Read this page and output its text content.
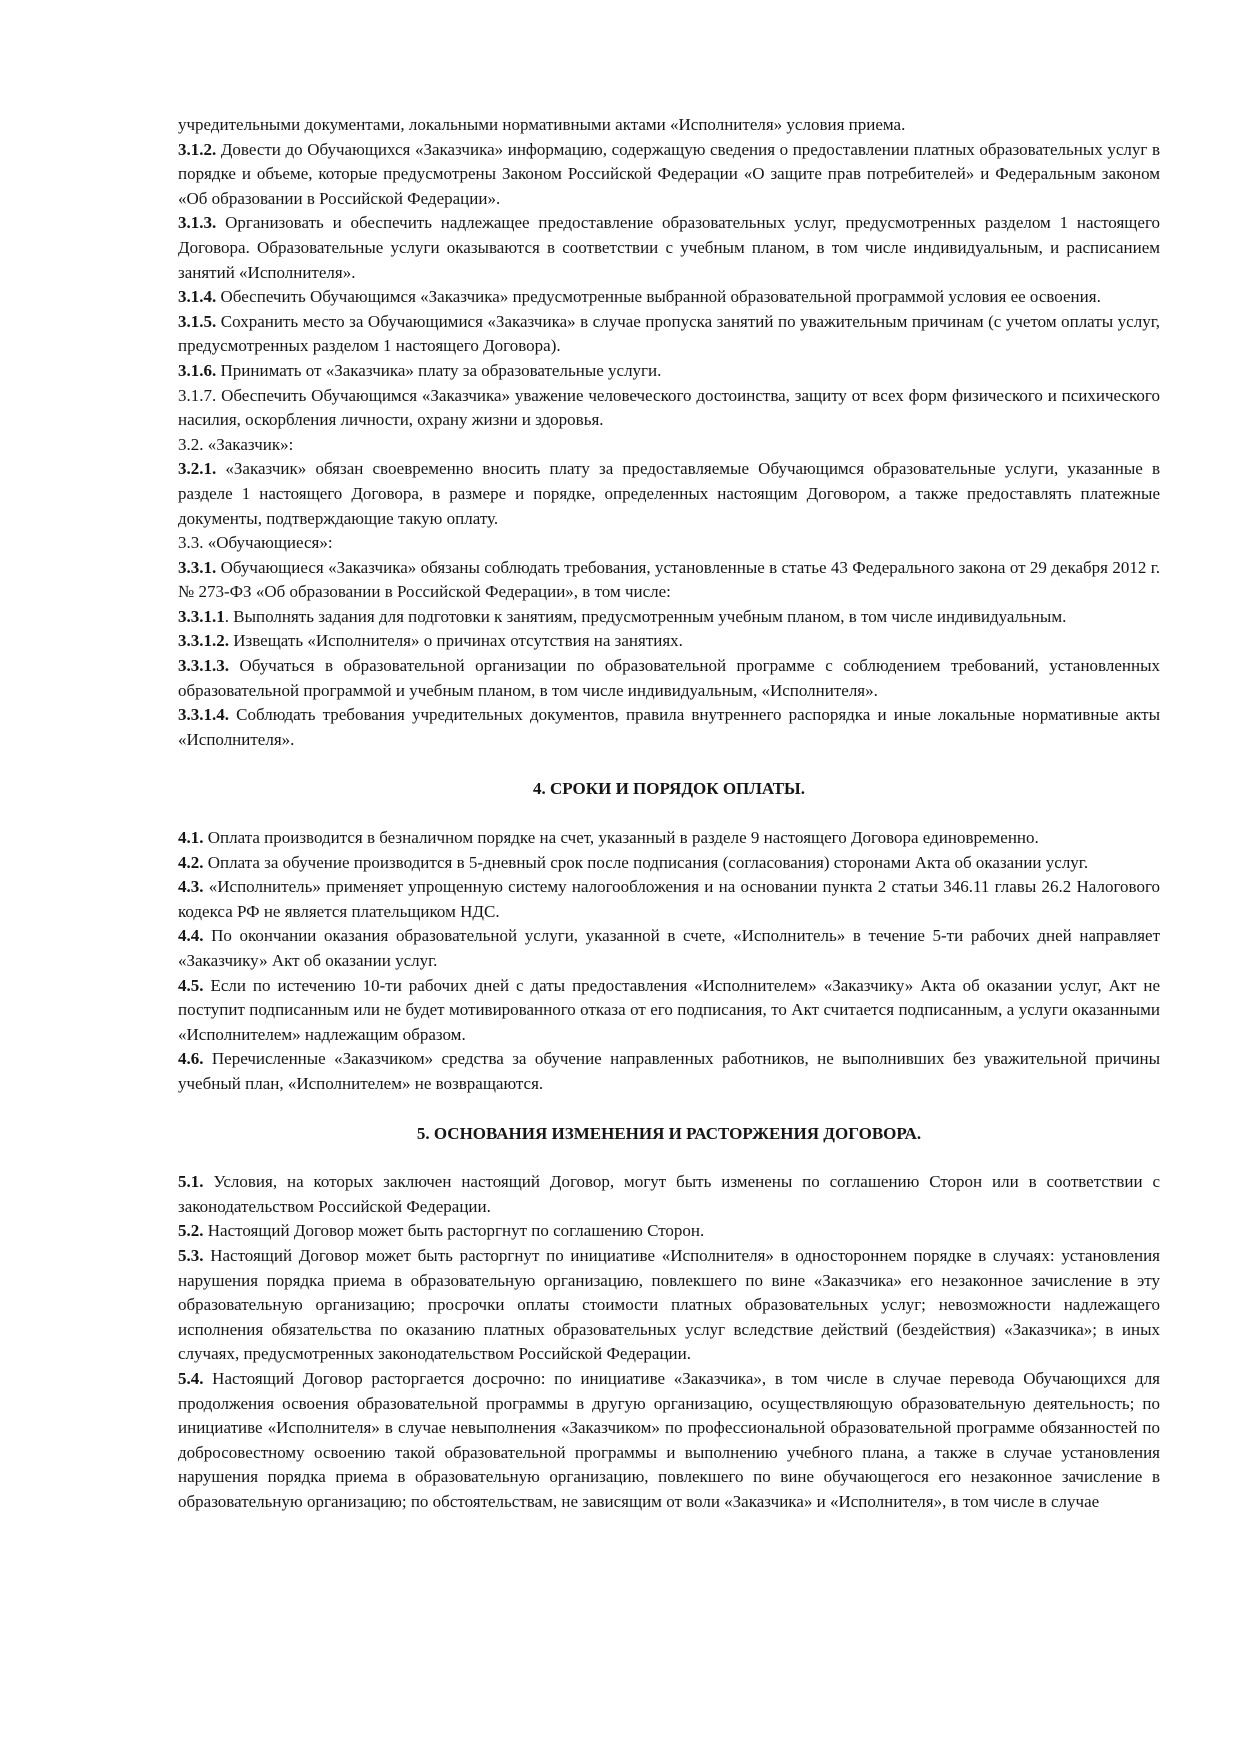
учредительными документами, локальными нормативными актами «Исполнителя» условия приема.

3.1.2. Довести до Обучающихся «Заказчика» информацию, содержащую сведения о предоставлении платных образовательных услуг в порядке и объеме, которые предусмотрены Законом Российской Федерации «О защите прав потребителей» и Федеральным законом «Об образовании в Российской Федерации».

3.1.3. Организовать и обеспечить надлежащее предоставление образовательных услуг, предусмотренных разделом 1 настоящего Договора. Образовательные услуги оказываются в соответствии с учебным планом, в том числе индивидуальным, и расписанием занятий «Исполнителя».

3.1.4. Обеспечить Обучающимся «Заказчика» предусмотренные выбранной образовательной программой условия ее освоения.

3.1.5. Сохранить место за Обучающимися «Заказчика» в случае пропуска занятий по уважительным причинам (с учетом оплаты услуг, предусмотренных разделом 1 настоящего Договора).

3.1.6. Принимать от «Заказчика» плату за образовательные услуги.

3.1.7. Обеспечить Обучающимся «Заказчика» уважение человеческого достоинства, защиту от всех форм физического и психического насилия, оскорбления личности, охрану жизни и здоровья.

3.2. «Заказчик»:

3.2.1. «Заказчик» обязан своевременно вносить плату за предоставляемые Обучающимся образовательные услуги, указанные в разделе 1 настоящего Договора, в размере и порядке, определенных настоящим Договором, а также предоставлять платежные документы, подтверждающие такую оплату.

3.3. «Обучающиеся»:

3.3.1. Обучающиеся «Заказчика» обязаны соблюдать требования, установленные в статье 43 Федерального закона от 29 декабря 2012 г. № 273-ФЗ «Об образовании в Российской Федерации», в том числе:

3.3.1.1. Выполнять задания для подготовки к занятиям, предусмотренным учебным планом, в том числе индивидуальным.

3.3.1.2. Извещать «Исполнителя» о причинах отсутствия на занятиях.

3.3.1.3. Обучаться в образовательной организации по образовательной программе с соблюдением требований, установленных образовательной программой и учебным планом, в том числе индивидуальным, «Исполнителя».

3.3.1.4. Соблюдать требования учредительных документов, правила внутреннего распорядка и иные локальные нормативные акты «Исполнителя».

4. СРОКИ И ПОРЯДОК ОПЛАТЫ.

4.1. Оплата производится в безналичном порядке на счет, указанный в разделе 9 настоящего Договора единовременно.

4.2. Оплата за обучение производится в 5-дневный срок после подписания (согласования) сторонами Акта об оказании услуг.

4.3. «Исполнитель» применяет упрощенную систему налогообложения и на основании пункта 2 статьи 346.11 главы 26.2 Налогового кодекса РФ не является плательщиком НДС.

4.4. По окончании оказания образовательной услуги, указанной в счете, «Исполнитель» в течение 5-ти рабочих дней направляет «Заказчику» Акт об оказании услуг.

4.5. Если по истечению 10-ти рабочих дней с даты предоставления «Исполнителем» «Заказчику» Акта об оказании услуг, Акт не поступит подписанным или не будет мотивированного отказа от его подписания, то Акт считается подписанным, а услуги оказанными «Исполнителем» надлежащим образом.

4.6. Перечисленные «Заказчиком» средства за обучение направленных работников, не выполнивших без уважительной причины учебный план, «Исполнителем» не возвращаются.

5. ОСНОВАНИЯ ИЗМЕНЕНИЯ И РАСТОРЖЕНИЯ ДОГОВОРА.

5.1. Условия, на которых заключен настоящий Договор, могут быть изменены по соглашению Сторон или в соответствии с законодательством Российской Федерации.

5.2. Настоящий Договор может быть расторгнут по соглашению Сторон.

5.3. Настоящий Договор может быть расторгнут по инициативе «Исполнителя» в одностороннем порядке в случаях: установления нарушения порядка приема в образовательную организацию, повлекшего по вине «Заказчика» его незаконное зачисление в эту образовательную организацию; просрочки оплаты стоимости платных образовательных услуг; невозможности надлежащего исполнения обязательства по оказанию платных образовательных услуг вследствие действий (бездействия) «Заказчика»; в иных случаях, предусмотренных законодательством Российской Федерации.

5.4. Настоящий Договор расторгается досрочно: по инициативе «Заказчика», в том числе в случае перевода Обучающихся для продолжения освоения образовательной программы в другую организацию, осуществляющую образовательную деятельность; по инициативе «Исполнителя» в случае невыполнения «Заказчиком» по профессиональной образовательной программе обязанностей по добросовестному освоению такой образовательной программы и выполнению учебного плана, а также в случае установления нарушения порядка приема в образовательную организацию, повлекшего по вине обучающегося его незаконное зачисление в образовательную организацию; по обстоятельствам, не зависящим от воли «Заказчика» и «Исполнителя», в том числе в случае
